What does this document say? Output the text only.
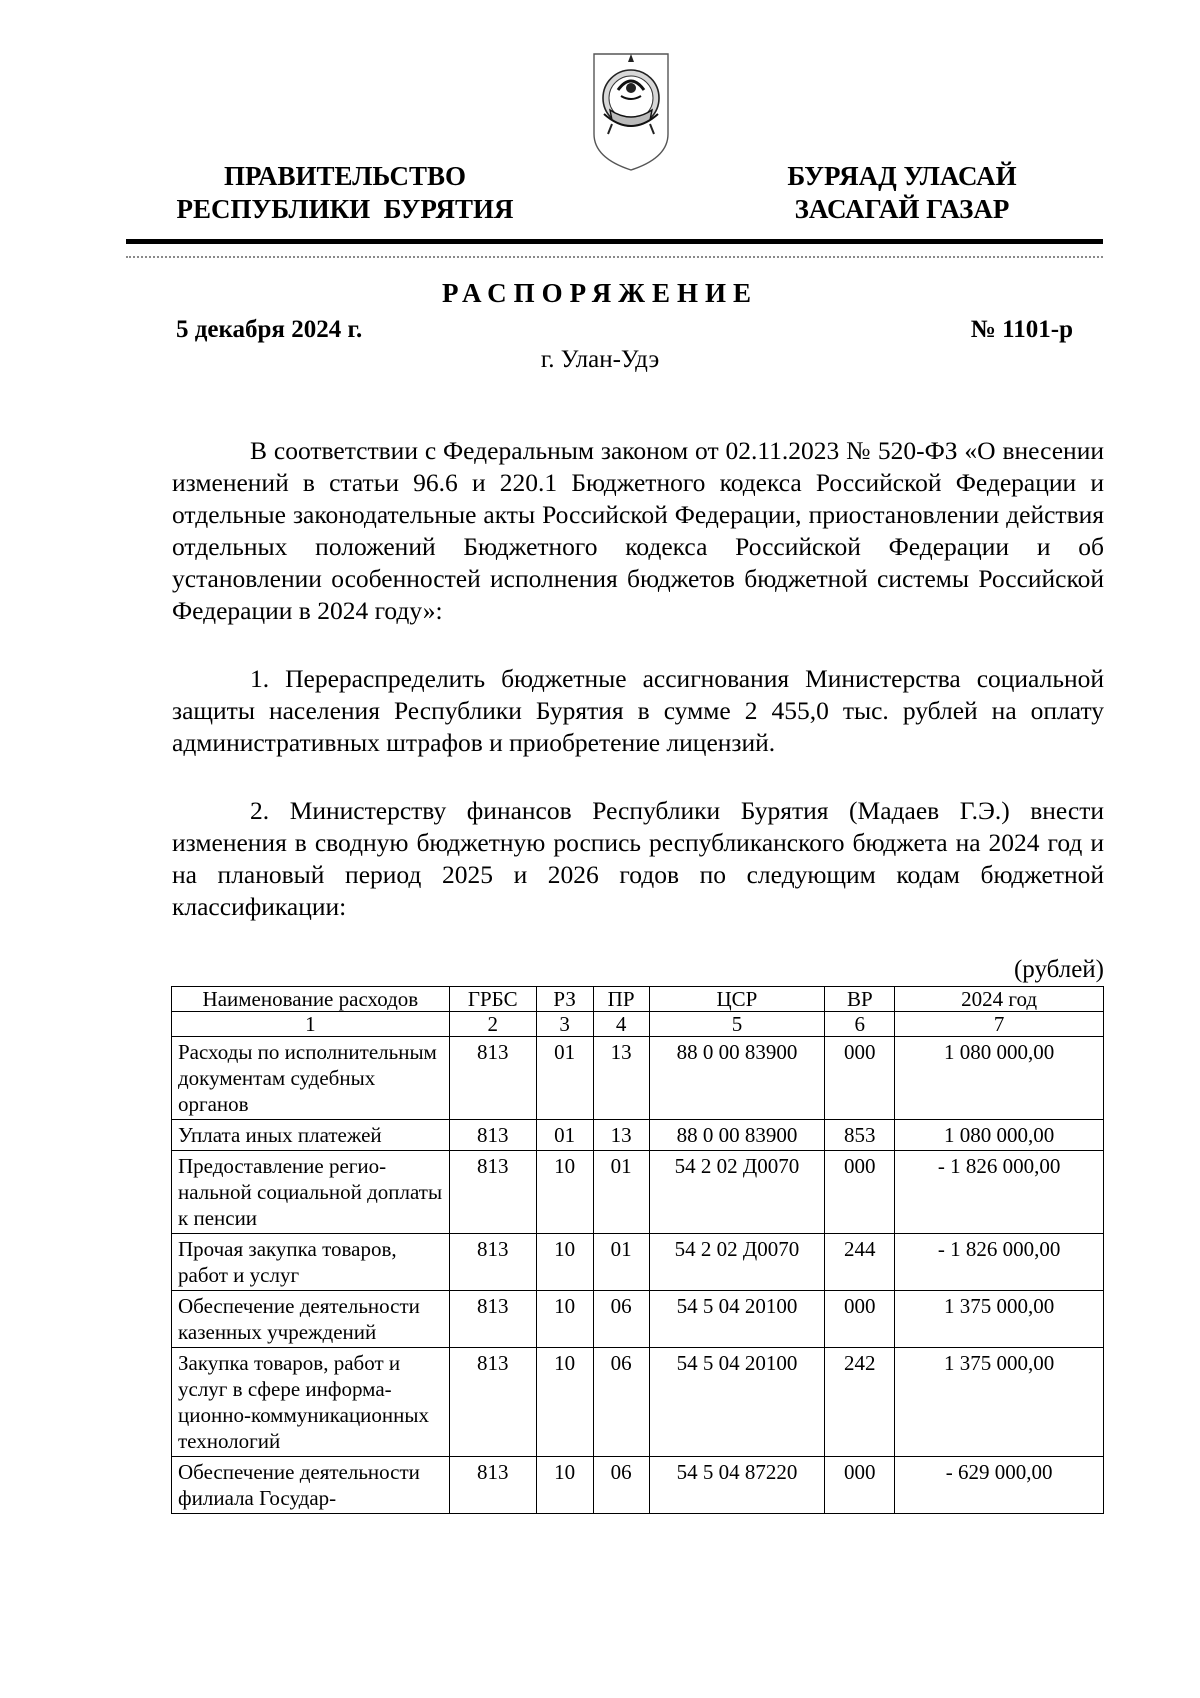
ПРАВИТЕЛЬСТВО
РЕСПУБЛИКИ  БУРЯТИЯ
БУРЯАД УЛАСАЙ
ЗАСАГАЙ ГАЗАР
РАСПОРЯЖЕНИЕ
5 декабря 2024 г.	№ 1101-р
г. Улан-Удэ

В соответствии с Федеральным законом от 02.11.2023 № 520-ФЗ «О внесении изменений в статьи 96.6 и 220.1 Бюджетного кодекса Российской Федерации и отдельные законодательные акты Российской Федерации, приостановлении действия отдельных положений Бюджетного кодекса Российской Федерации и об установлении особенностей исполнения бюджетов бюджетной системы Российской Федерации в 2024 году»:

1. Перераспределить бюджетные ассигнования Министерства социальной защиты населения Республики Бурятия в сумме 2 455,0 тыс. рублей на оплату административных штрафов и приобретение лицензий.

2. Министерству финансов Республики Бурятия (Мадаев Г.Э.) внести изменения в сводную бюджетную роспись республиканского бюджета на 2024 год и на плановый период 2025 и 2026 годов по следующим кодам бюджетной классификации:

(рублей)
Наименование расходов	ГРБС	РЗ	ПР	ЦСР	ВР	2024 год
1	2	3	4	5	6	7
Расходы по исполнительным документам судебных органов	813	01	13	88 0 00 83900	000	1 080 000,00
Уплата иных платежей	813	01	13	88 0 00 83900	853	1 080 000,00
Предоставление региональной социальной доплаты к пенсии	813	10	01	54 2 02 Д0070	000	- 1 826 000,00
Прочая закупка товаров, работ и услуг	813	10	01	54 2 02 Д0070	244	- 1 826 000,00
Обеспечение деятельности казенных учреждений	813	10	06	54 5 04 20100	000	1 375 000,00
Закупка товаров, работ и услуг в сфере информационно-коммуникационных технологий	813	10	06	54 5 04 20100	242	1 375 000,00
Обеспечение деятельности филиала Государ-	813	10	06	54 5 04 87220	000	- 629 000,00
